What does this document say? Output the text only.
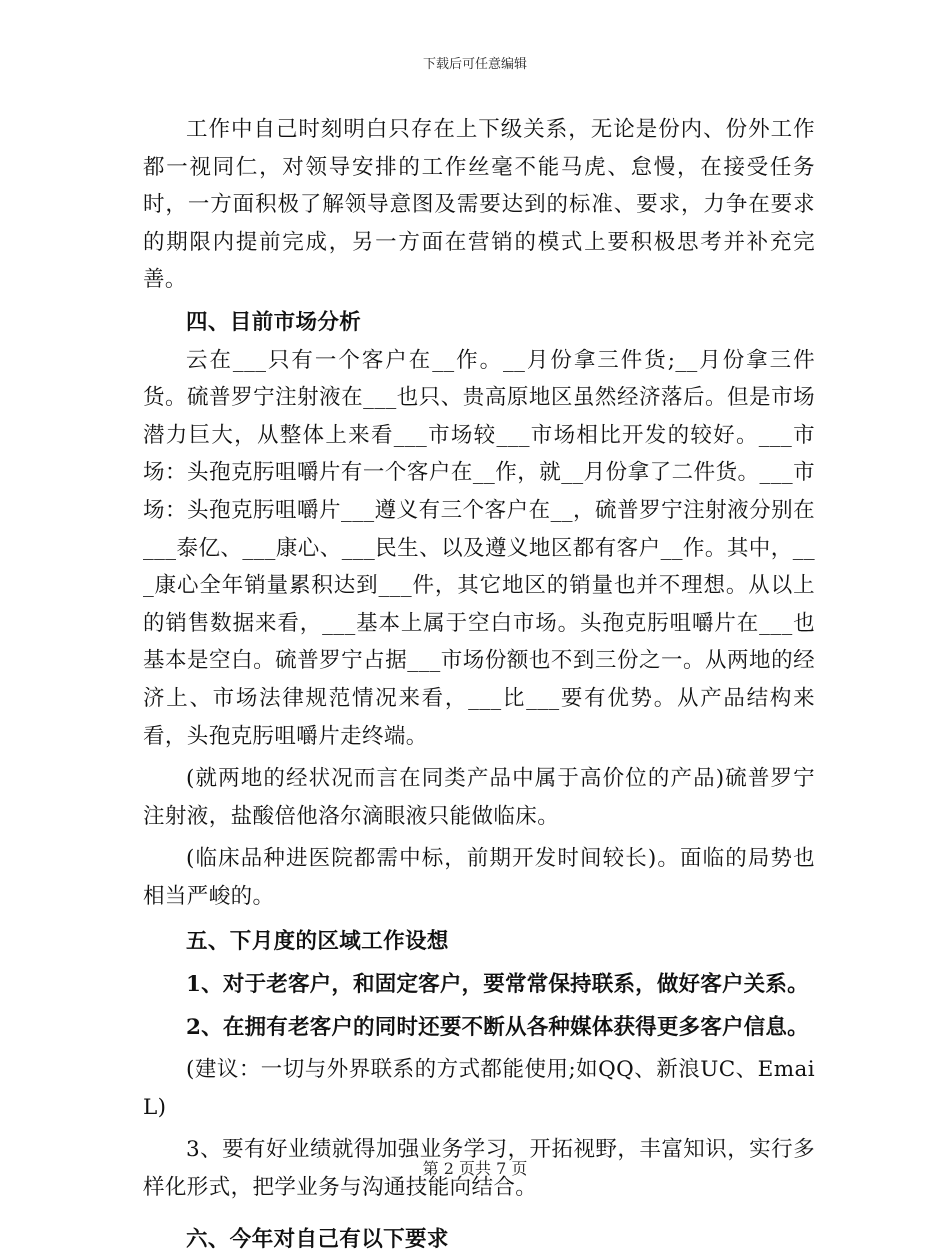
下载后可任意编辑

工作中自己时刻明白只存在上下级关系，无论是份内、份外工作都一视同仁，对领导安排的工作丝毫不能马虎、怠慢，在接受任务时，一方面积极了解领导意图及需要达到的标准、要求，力争在要求的期限内提前完成，另一方面在营销的模式上要积极思考并补充完善。

四、目前市场分析

云在___只有一个客户在__作。__月份拿三件货;__月份拿三件货。硫普罗宁注射液在___也只、贵高原地区虽然经济落后。但是市场潜力巨大，从整体上来看___市场较___市场相比开发的较好。___市场：头孢克肟咀嚼片有一个客户在__作，就__月份拿了二件货。___市场：头孢克肟咀嚼片___遵义有三个客户在__，硫普罗宁注射液分别在___泰亿、___康心、___民生、以及遵义地区都有客户__作。其中，___康心全年销量累积达到___件，其它地区的销量也并不理想。从以上的销售数据来看，___基本上属于空白市场。头孢克肟咀嚼片在___也基本是空白。硫普罗宁占据___市场份额也不到三份之一。从两地的经济上、市场法律规范情况来看，___比___要有优势。从产品结构来看，头孢克肟咀嚼片走终端。

(就两地的经状况而言在同类产品中属于高价位的产品)硫普罗宁注射液，盐酸倍他洛尔滴眼液只能做临床。

(临床品种进医院都需中标，前期开发时间较长)。面临的局势也相当严峻的。

五、下月度的区域工作设想

1、对于老客户，和固定客户，要常常保持联系，做好客户关系。

2、在拥有老客户的同时还要不断从各种媒体获得更多客户信息。

(建议：一切与外界联系的方式都能使用;如QQ、新浪UC、EmaiL)

3、要有好业绩就得加强业务学习，开拓视野，丰富知识，实行多样化形式，把学业务与沟通技能向结合。

六、今年对自己有以下要求

第 2 页共 7 页
